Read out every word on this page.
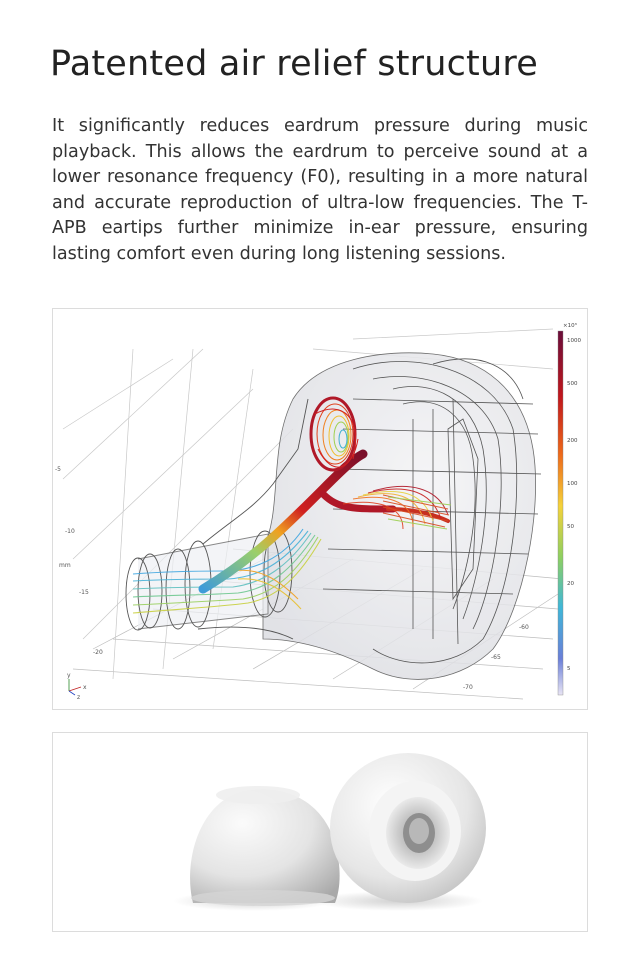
Patented air relief structure

It significantly reduces eardrum pressure during music playback. This allows the eardrum to perceive sound at a lower resonance frequency (F0), resulting in a more natural and accurate reproduction of ultra-low frequencies. The T-APB eartips further minimize in-ear pressure, ensuring lasting comfort even during long listening sessions.

×10³
1000
500
200
100
50
20
5
-5
-10
mm
-15
-20
-60
-65
-70
y
x
z
